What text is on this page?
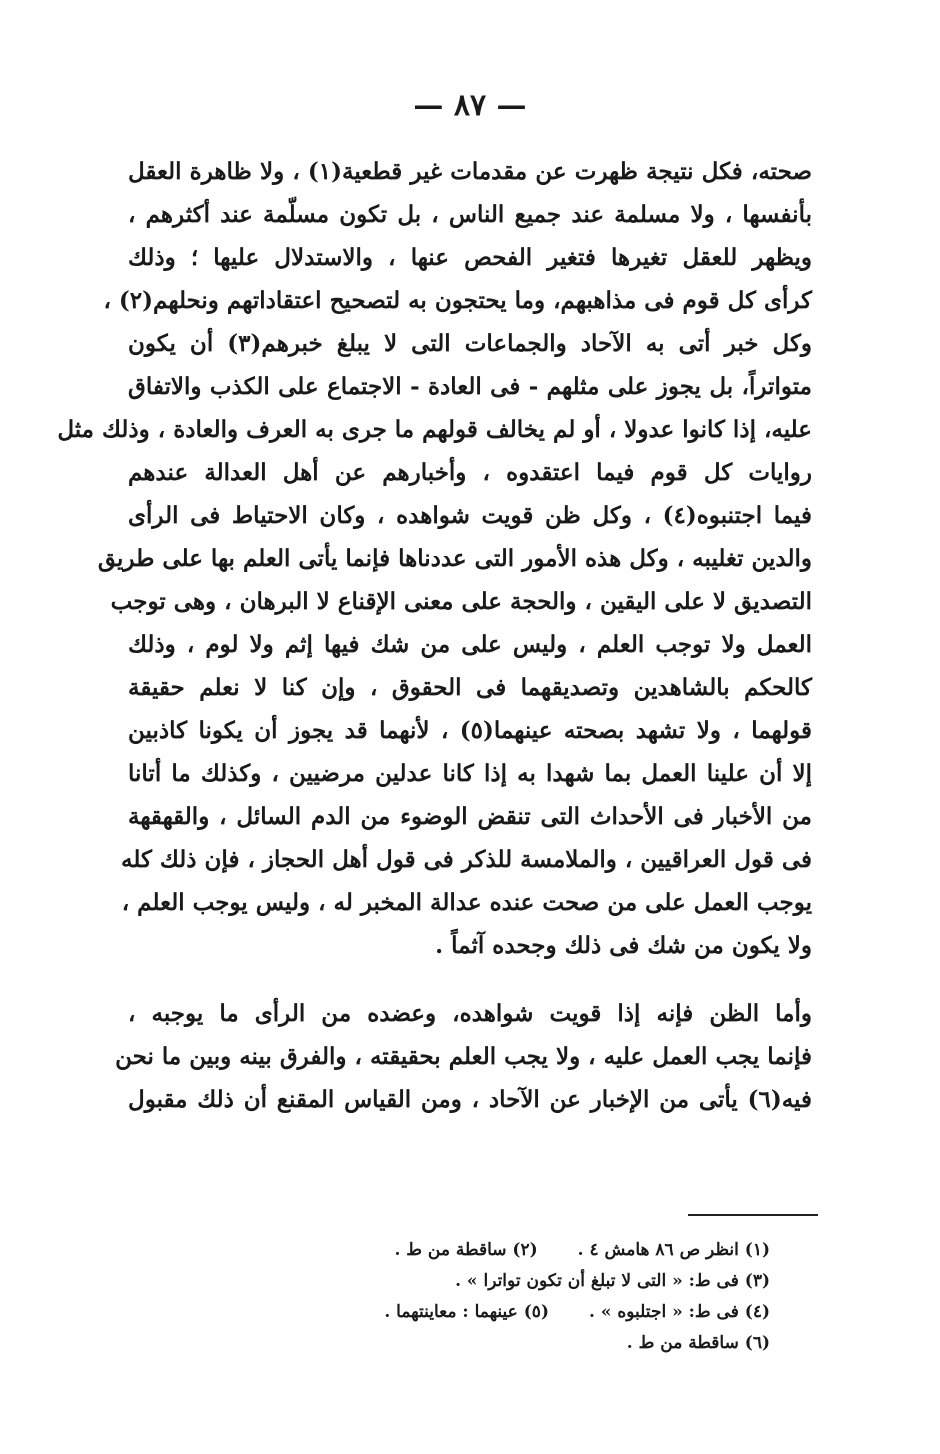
— ٨٧ —
صحته، فكل نتيجة ظهرت عن مقدمات غير قطعية(١) ، ولا ظاهرة العقل
بأنفسها ، ولا مسلمة عند جميع الناس ، بل تكون مسلّمة عند أكثرهم ،
ويظهر للعقل تغيرها فتغير الفحص عنها ، والاستدلال عليها ؛ وذلك
كرأى كل قوم فى مذاهبهم، وما يحتجون به لتصحيح اعتقاداتهم ونحلهم(٢) ،
وكل خبر أتى به الآحاد والجماعات التى لا يبلغ خبرهم(٣) أن يكون
متواتراً، بل يجوز على مثلهم - فى العادة - الاجتماع على الكذب والاتفاق
عليه، إذا كانوا عدولا ، أو لم يخالف قولهم ما جرى به العرف والعادة ، وذلك مثل
روايات كل قوم فيما اعتقدوه ، وأخبارهم عن أهل العدالة عندهم
فيما اجتنبوه(٤) ، وكل ظن قويت شواهده ، وكان الاحتياط فى الرأى
والدين تغليبه ، وكل هذه الأمور التى عددناها فإنما يأتى العلم بها على طريق
التصديق لا على اليقين ، والحجة على معنى الإقناع لا البرهان ، وهى توجب
العمل ولا توجب العلم ، وليس على من شك فيها إثم ولا لوم ، وذلك
كالحكم بالشاهدين وتصديقهما فى الحقوق ، وإن كنا لا نعلم حقيقة
قولهما ، ولا تشهد بصحته عينهما(٥) ، لأنهما قد يجوز أن يكونا كاذبين
إلا أن علينا العمل بما شهدا به إذا كانا عدلين مرضيين ، وكذلك ما أتانا
من الأخبار فى الأحداث التى تنقض الوضوء من الدم السائل ، والقهقهة
فى قول العراقيين ، والملامسة للذكر فى قول أهل الحجاز ، فإن ذلك كله
يوجب العمل على من صحت عنده عدالة المخبر له ، وليس يوجب العلم ،
ولا يكون من شك فى ذلك وجحده آثماً .
وأما الظن فإنه إذا قويت شواهده، وعضده من الرأى ما يوجبه ،
فإنما يجب العمل عليه ، ولا يجب العلم بحقيقته ، والفرق بينه وبين ما نحن
فيه(٦) يأتى من الإخبار عن الآحاد ، ومن القياس المقنع أن ذلك مقبول
(١) انظر ص ٨٦ هامش ٤ .(٢) ساقطة من ط .
(٣) فى ط: « التى لا تبلغ أن تكون تواترا » .
(٤) فى ط: « اجتلبوه » .(٥) عينهما : معاينتهما .
(٦) ساقطة من ط .
